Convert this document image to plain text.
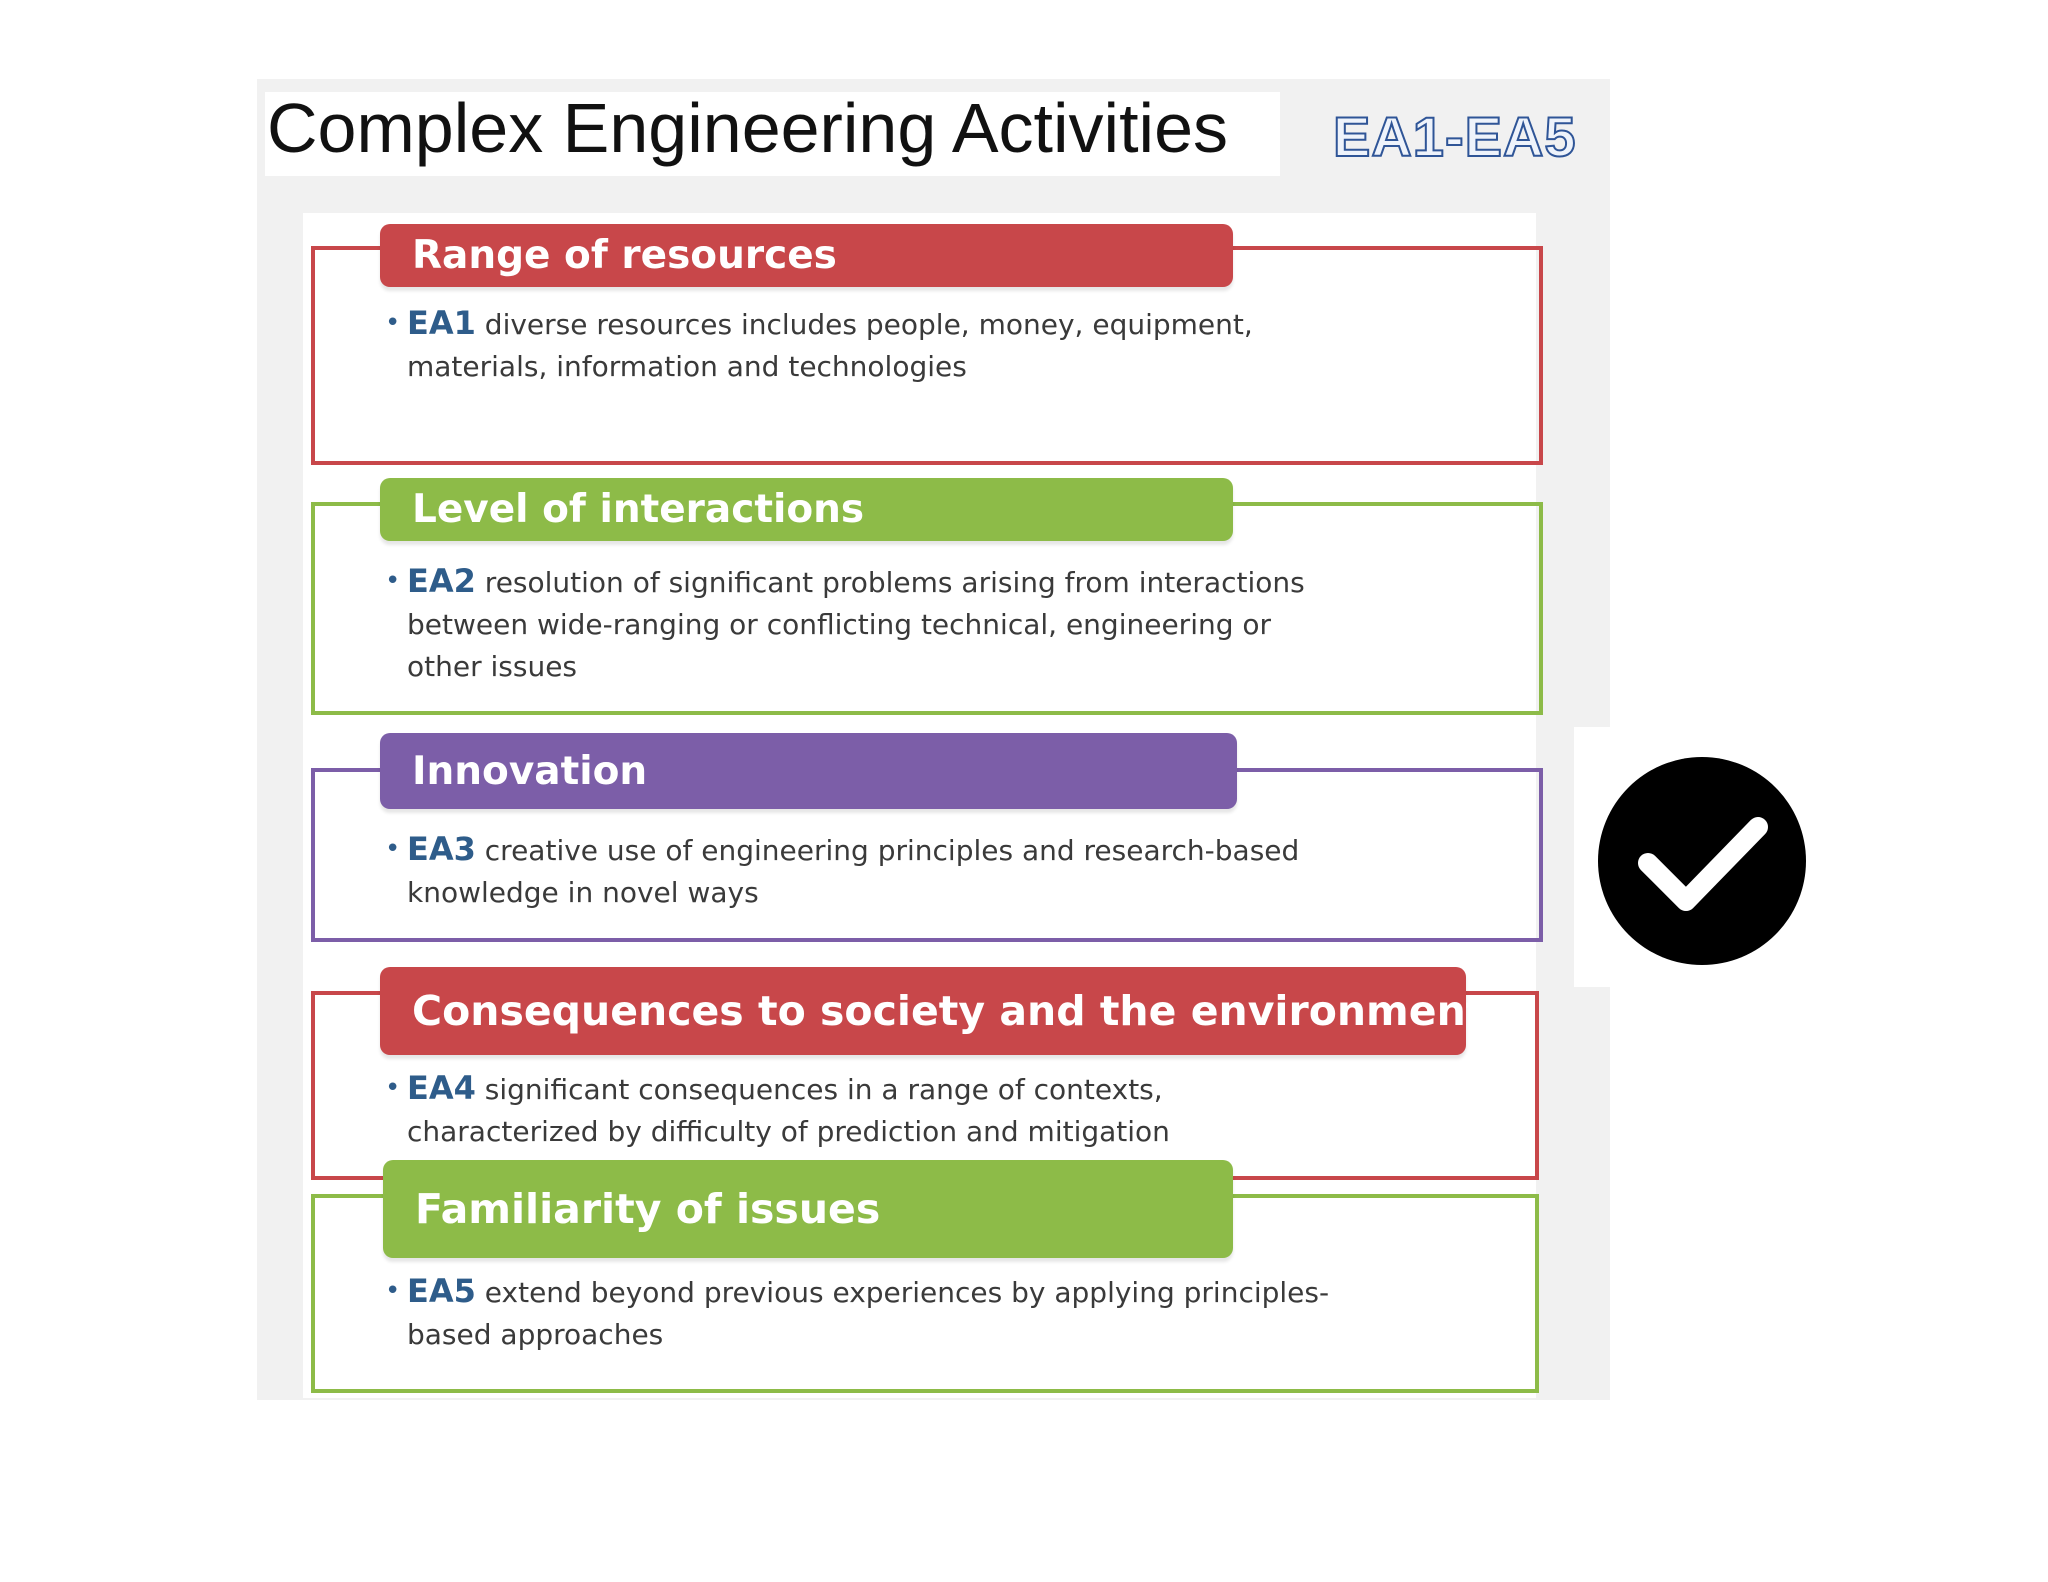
Complex Engineering Activities EA1-EA5
Range of resources
• EA1 diverse resources includes people, money, equipment,
materials, information and technologies
Level of interactions
• EA2 resolution of significant problems arising from interactions
between wide-ranging or conflicting technical, engineering or
other issues
Innovation
• EA3 creative use of engineering principles and research-based
knowledge in novel ways
Consequences to society and the environment
• EA4 significant consequences in a range of contexts,
characterized by difficulty of prediction and mitigation
Familiarity of issues
• EA5 extend beyond previous experiences by applying principles-
based approaches
